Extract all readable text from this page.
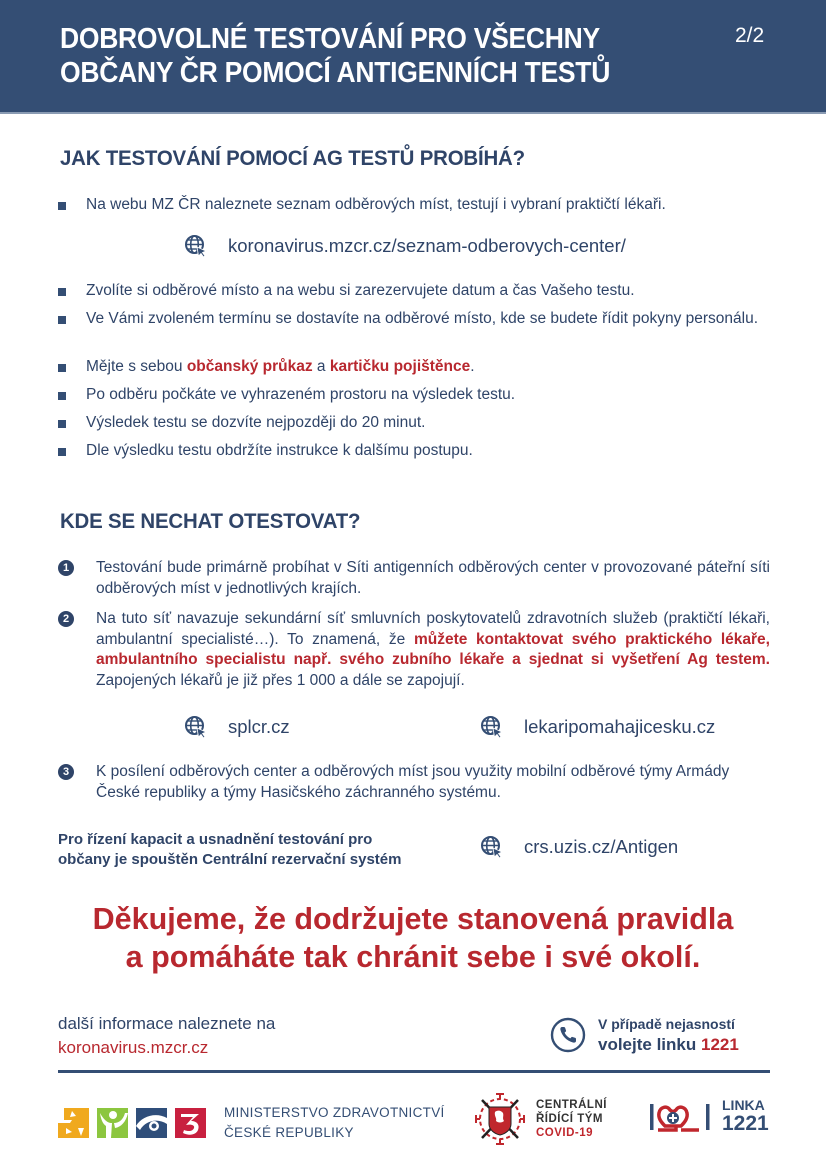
DOBROVOLNÉ TESTOVÁNÍ PRO VŠECHNY
OBČANY ČR POMOCÍ ANTIGENNÍCH TESTŮ
2/2
JAK TESTOVÁNÍ POMOCÍ AG TESTŮ PROBÍHÁ?
Na webu MZ ČR naleznete seznam odběrových míst, testují i vybraní praktičtí lékaři.
koronavirus.mzcr.cz/seznam-odberovych-center/
Zvolíte si odběrové místo a na webu si zarezervujete datum a čas Vašeho testu.
Ve Vámi zvoleném termínu se dostavíte na odběrové místo, kde se budete řídit pokyny personálu.
Mějte s sebou občanský průkaz a kartičku pojištěnce.
Po odběru počkáte ve vyhrazeném prostoru na výsledek testu.
Výsledek testu se dozvíte nejpozději do 20 minut.
Dle výsledku testu obdržíte instrukce k dalšímu postupu.
KDE SE NECHAT OTESTOVAT?
1	Testování bude primárně probíhat v Síti antigenních odběrových center v provozované páteřní síti odběrových míst v jednotlivých krajích.
2	Na tuto síť navazuje sekundární síť smluvních poskytovatelů zdravotních služeb (praktičtí lékaři, ambulantní specialisté…). To znamená, že můžete kontaktovat svého praktického lékaře, ambulantního specialistu např. svého zubního lékaře a sjednat si vyšetření Ag testem. Zapojených lékařů je již přes 1 000 a dále se zapojují.
splcr.cz	lekaripomahajicesku.cz
3	K posílení odběrových center a odběrových míst jsou využity mobilní odběrové týmy Armády České republiky a týmy Hasičského záchranného systému.
Pro řízení kapacit a usnadnění testování pro
občany je spouštěn Centrální rezervační systém
crs.uzis.cz/Antigen
Děkujeme, že dodržujete stanovená pravidla
a pomáháte tak chránit sebe i své okolí.
další informace naleznete na
koronavirus.mzcr.cz
V případě nejasností
volejte linku 1221
MINISTERSTVO ZDRAVOTNICTVÍ
ČESKÉ REPUBLIKY
CENTRÁLNÍ
ŘÍDÍCÍ TÝM
COVID-19
LINKA
1221
